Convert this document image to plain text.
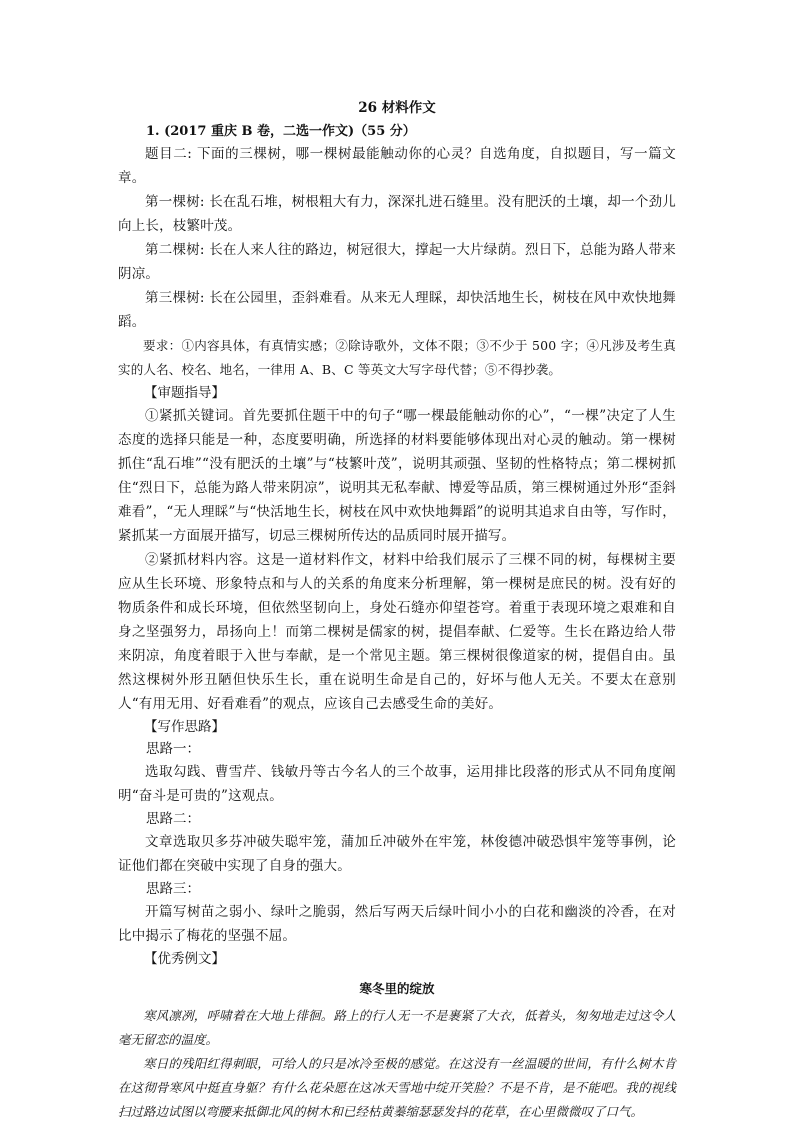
26 材料作文
1. (2017 重庆 B 卷，二选一作文)（55 分）

题目二: 下面的三棵树，哪一棵树最能触动你的心灵？自选角度，自拟题目，写一篇文章。

第一棵树: 长在乱石堆，树根粗大有力，深深扎进石缝里。没有肥沃的土壤，却一个劲儿向上长，枝繁叶茂。

第二棵树: 长在人来人往的路边，树冠很大，撑起一大片绿荫。烈日下，总能为路人带来阴凉。

第三棵树: 长在公园里，歪斜难看。从来无人理睬，却快活地生长，树枝在风中欢快地舞蹈。

要求：①内容具体，有真情实感；②除诗歌外，文体不限；③不少于 500 字；④凡涉及考生真实的人名、校名、地名，一律用 A、B、C 等英文大写字母代替；⑤不得抄袭。

【审题指导】

①紧抓关键词。首先要抓住题干中的句子“哪一棵最能触动你的心”，“一棵”决定了人生态度的选择只能是一种，态度要明确，所选择的材料要能够体现出对心灵的触动。第一棵树抓住“乱石堆”“没有肥沃的土壤”与“枝繁叶茂”，说明其顽强、坚韧的性格特点；第二棵树抓住“烈日下，总能为路人带来阴凉”，说明其无私奉献、博爱等品质，第三棵树通过外形“歪斜难看”，“无人理睬”与“快活地生长，树枝在风中欢快地舞蹈”的说明其追求自由等，写作时，紧抓某一方面展开描写，切忌三棵树所传达的品质同时展开描写。

②紧抓材料内容。这是一道材料作文，材料中给我们展示了三棵不同的树，每棵树主要应从生长环境、形象特点和与人的关系的角度来分析理解，第一棵树是庶民的树。没有好的物质条件和成长环境，但依然坚韧向上，身处石缝亦仰望苍穹。着重于表现环境之艰难和自身之坚强努力，昂扬向上！而第二棵树是儒家的树，提倡奉献、仁爱等。生长在路边给人带来阴凉，角度着眼于入世与奉献，是一个常见主题。第三棵树很像道家的树，提倡自由。虽然这棵树外形丑陋但快乐生长，重在说明生命是自己的，好坏与他人无关。不要太在意别人“有用无用、好看难看”的观点，应该自己去感受生命的美好。

【写作思路】

思路一：

选取勾践、曹雪芹、钱敏丹等古今名人的三个故事，运用排比段落的形式从不同角度阐明“奋斗是可贵的”这观点。

思路二：

文章选取贝多芬冲破失聪牢笼，蒲加丘冲破外在牢笼，林俊德冲破恐惧牢笼等事例，论证他们都在突破中实现了自身的强大。

思路三：

开篇写树苗之弱小、绿叶之脆弱，然后写两天后绿叶间小小的白花和幽淡的冷香，在对比中揭示了梅花的坚强不屈。

【优秀例文】

寒冬里的绽放

寒风凛冽，呼啸着在大地上徘徊。路上的行人无一不是裹紧了大衣，低着头，匆匆地走过这令人毫无留恋的温度。

寒日的残阳红得刺眼，可给人的只是冰冷至极的感觉。在这没有一丝温暖的世间，有什么树木肯在这彻骨寒风中挺直身躯？有什么花朵愿在这冰天雪地中绽开笑脸？不是不肯，是不能吧。我的视线扫过路边试图以弯腰来抵御北风的树木和已经枯黄蓁缩瑟瑟发抖的花草，在心里微微叹了口气。
